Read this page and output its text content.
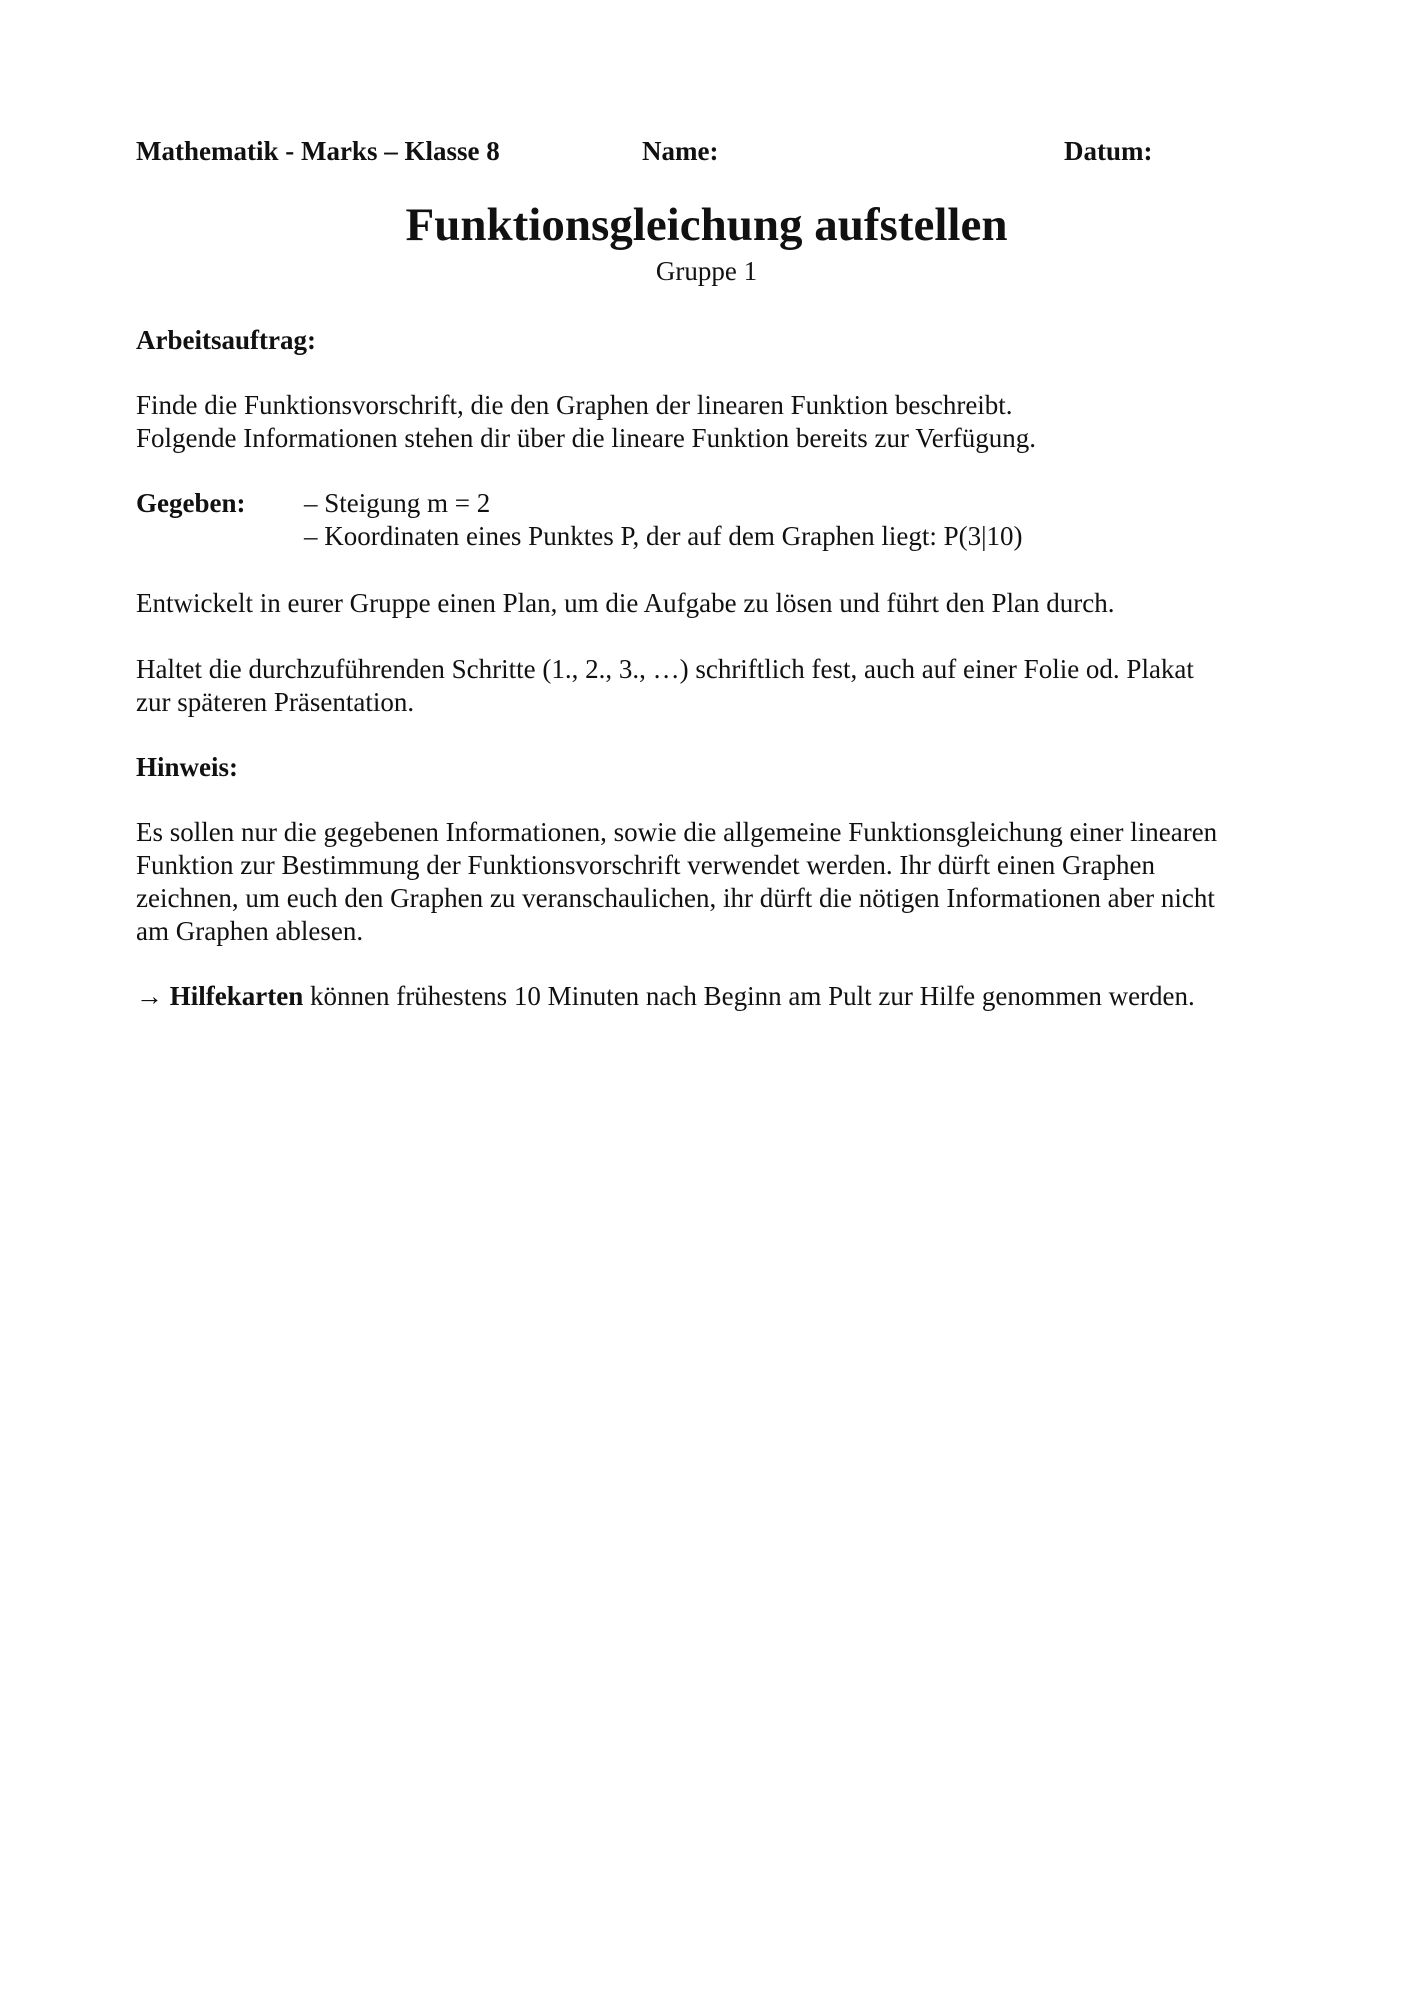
Mathematik - Marks – Klasse 8	Name:	Datum:
Funktionsgleichung aufstellen
Gruppe 1
Arbeitsauftrag:
Finde die Funktionsvorschrift, die den Graphen der linearen Funktion beschreibt.
Folgende Informationen stehen dir über die lineare Funktion bereits zur Verfügung.
Gegeben: – Steigung m = 2
– Koordinaten eines Punktes P, der auf dem Graphen liegt: P(3|10)
Entwickelt in eurer Gruppe einen Plan, um die Aufgabe zu lösen und führt den Plan durch.
Haltet die durchzuführenden Schritte (1., 2., 3., …) schriftlich fest, auch auf einer Folie od. Plakat
zur späteren Präsentation.
Hinweis:
Es sollen nur die gegebenen Informationen, sowie die allgemeine Funktionsgleichung einer linearen
Funktion zur Bestimmung der Funktionsvorschrift verwendet werden. Ihr dürft einen Graphen
zeichnen, um euch den Graphen zu veranschaulichen, ihr dürft die nötigen Informationen aber nicht
am Graphen ablesen.
→ Hilfekarten können frühestens 10 Minuten nach Beginn am Pult zur Hilfe genommen werden.
